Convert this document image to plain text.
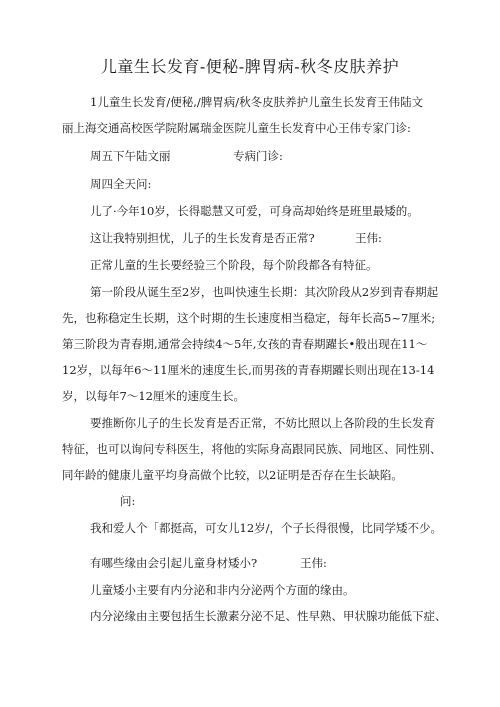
儿童生长发育-便秘-脾胃病-秋冬皮肤养护
1儿童生长发育/便秘,/脾胃病/秋冬皮肤养护儿童生长发育王伟陆文
丽上海交通高校医学院附属瑞金医院儿童生长发育中心王伟专家门诊:
周五下午陆文丽	专病门诊:
周四全天问:
儿了·今年10岁，长得聪慧又可爱，可身高却始终是班里最矮的。
这让我特别担忧，儿子的生长发育是否正常?	王伟:
正常儿童的生长要经验三个阶段，每个阶段都各有特征。
第一阶段从诞生至2岁，也叫快速生长期：其次阶段从2岁到青春期起
先，也称稳定生长期，这个时期的生长速度相当稳定，每年长高5~7厘米;
第三阶段为青春期,通常会持续4～5年,女孩的青春期躍长•般出现在11～
12岁，以每年6～11厘米的速度生长,而男孩的青春期躍长则出现在13-14
岁，以每年7～12厘米的速度生长。
要推断你儿子的生长发育是否正常，不妨比照以上各阶段的生长发育
特征，也可以询问专科医生，将他的实际身高跟同民族、同地区、同性别、
同年龄的健康儿童平均身高做个比较，以2证明是否存在生长缺陷。
问:
我和爱人个「都挺高，可女儿12岁/，个子长得很慢，比同学矮不少。
有哪些缘由会引起儿童身材矮小?	王伟:
儿童矮小主要有内分泌和非内分泌两个方面的缘由。
内分泌缘由主要包括生长激素分泌不足、性早熟、甲状腺功能低下症、
